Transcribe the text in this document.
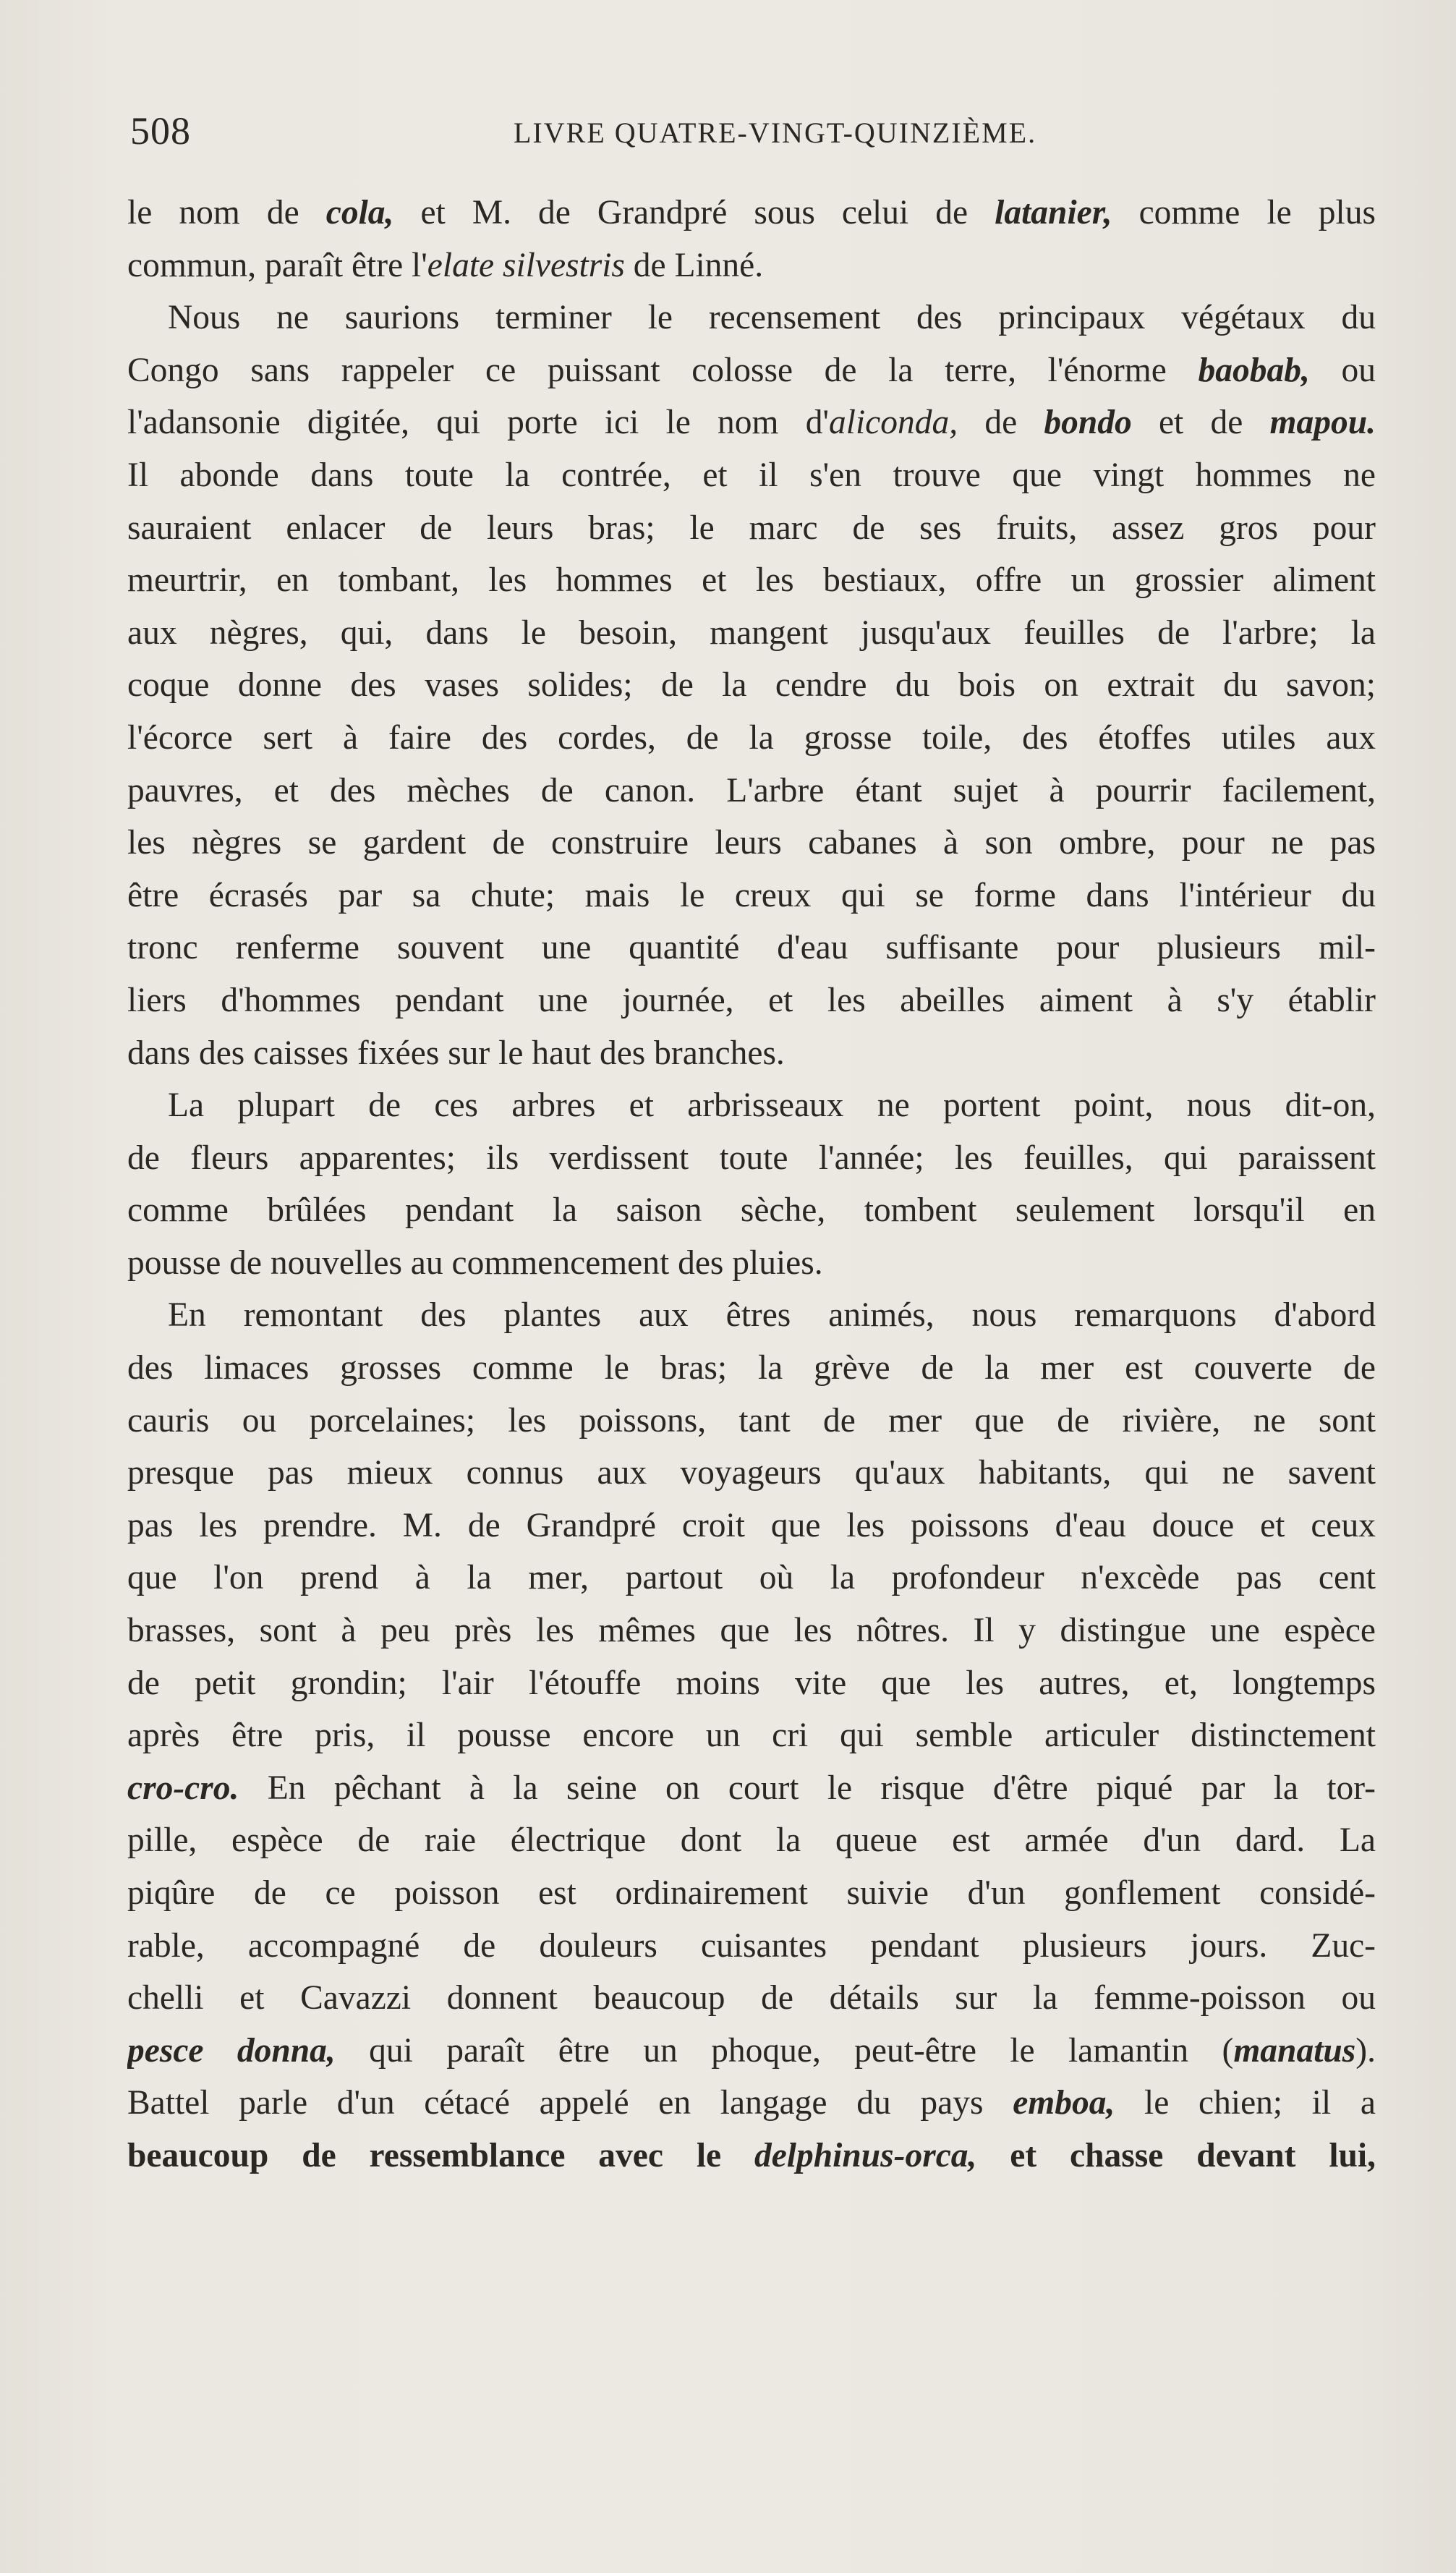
508	LIVRE QUATRE-VINGT-QUINZIÈME.
le nom de cola, et M. de Grandpré sous celui de latanier, comme le plus
commun, paraît être l'elate silvestris de Linné.
Nous ne saurions terminer le recensement des principaux végétaux du
Congo sans rappeler ce puissant colosse de la terre, l'énorme baobab, ou
l'adansonie digitée, qui porte ici le nom d'aliconda, de bondo et de mapou.
Il abonde dans toute la contrée, et il s'en trouve que vingt hommes ne
sauraient enlacer de leurs bras; le marc de ses fruits, assez gros pour
meurtrir, en tombant, les hommes et les bestiaux, offre un grossier aliment
aux nègres, qui, dans le besoin, mangent jusqu'aux feuilles de l'arbre; la
coque donne des vases solides; de la cendre du bois on extrait du savon;
l'écorce sert à faire des cordes, de la grosse toile, des étoffes utiles aux
pauvres, et des mèches de canon. L'arbre étant sujet à pourrir facilement,
les nègres se gardent de construire leurs cabanes à son ombre, pour ne pas
être écrasés par sa chute; mais le creux qui se forme dans l'intérieur du
tronc renferme souvent une quantité d'eau suffisante pour plusieurs mil-
liers d'hommes pendant une journée, et les abeilles aiment à s'y établir
dans des caisses fixées sur le haut des branches.
La plupart de ces arbres et arbrisseaux ne portent point, nous dit-on,
de fleurs apparentes; ils verdissent toute l'année; les feuilles, qui paraissent
comme brûlées pendant la saison sèche, tombent seulement lorsqu'il en
pousse de nouvelles au commencement des pluies.
En remontant des plantes aux êtres animés, nous remarquons d'abord
des limaces grosses comme le bras; la grève de la mer est couverte de
cauris ou porcelaines; les poissons, tant de mer que de rivière, ne sont
presque pas mieux connus aux voyageurs qu'aux habitants, qui ne savent
pas les prendre. M. de Grandpré croit que les poissons d'eau douce et ceux
que l'on prend à la mer, partout où la profondeur n'excède pas cent
brasses, sont à peu près les mêmes que les nôtres. Il y distingue une espèce
de petit grondin; l'air l'étouffe moins vite que les autres, et, longtemps
après être pris, il pousse encore un cri qui semble articuler distinctement
cro-cro. En pêchant à la seine on court le risque d'être piqué par la tor-
pille, espèce de raie électrique dont la queue est armée d'un dard. La
piqûre de ce poisson est ordinairement suivie d'un gonflement considé-
rable, accompagné de douleurs cuisantes pendant plusieurs jours. Zuc-
chelli et Cavazzi donnent beaucoup de détails sur la femme-poisson ou
pesce donna, qui paraît être un phoque, peut-être le lamantin (manatus).
Battel parle d'un cétacé appelé en langage du pays emboa, le chien; il a
beaucoup de ressemblance avec le delphinus-orca, et chasse devant lui,
